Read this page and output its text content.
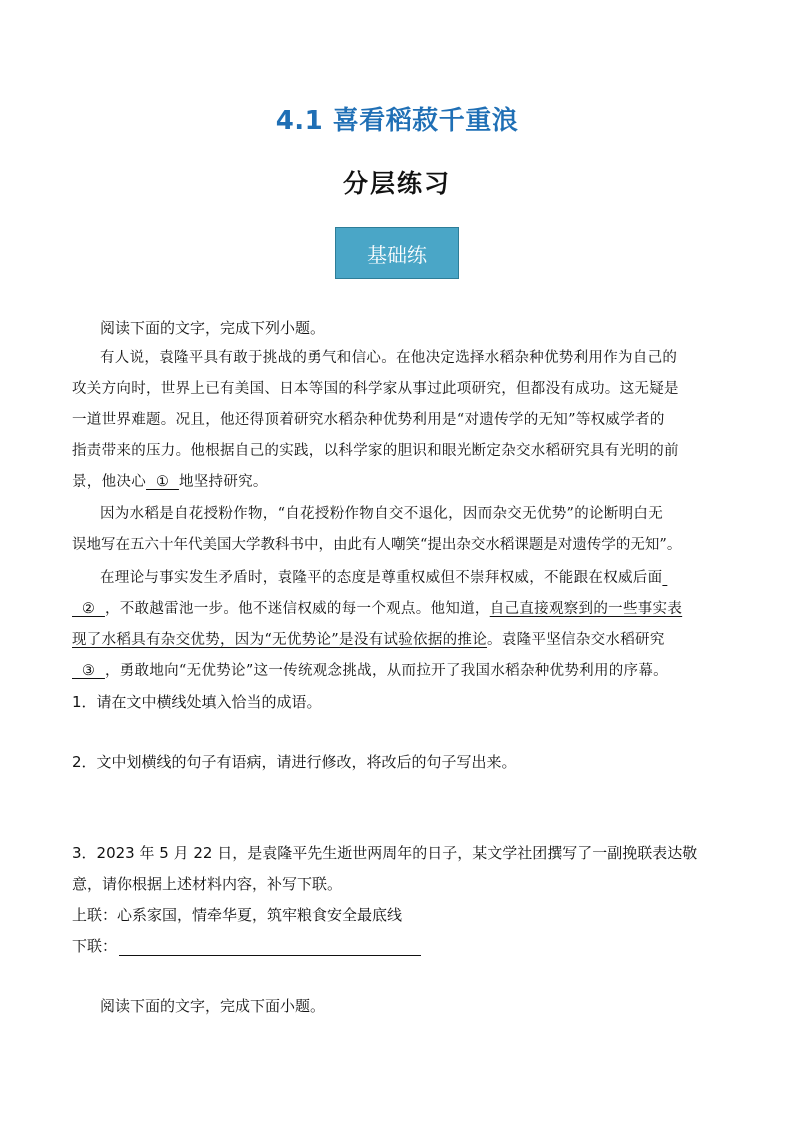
4.1 喜看稻菽千重浪
分层练习
基础练
阅读下面的文字，完成下列小题。
有人说，袁隆平具有敢于挑战的勇气和信心。在他决定选择水稻杂种优势利用作为自己的
攻关方向时，世界上已有美国、日本等国的科学家从事过此项研究，但都没有成功。这无疑是
一道世界难题。况且，他还得顶着研究水稻杂种优势利用是“对遗传学的无知”等权威学者的
指责带来的压力。他根据自己的实践，以科学家的胆识和眼光断定杂交水稻研究具有光明的前
景，他决心  ①  地坚持研究。
因为水稻是自花授粉作物，“自花授粉作物自交不退化，因而杂交无优势”的论断明白无
误地写在五六十年代美国大学教科书中，由此有人嘲笑“提出杂交水稻课题是对遗传学的无知”。
在理论与事实发生矛盾时，袁隆平的态度是尊重权威但不崇拜权威，不能跟在权威后面
②  ，不敢越雷池一步。他不迷信权威的每一个观点。他知道，自己直接观察到的一些事实表
现了水稻具有杂交优势，因为“无优势论”是没有试验依据的推论。袁隆平坚信杂交水稻研究
③  ，勇敢地向“无优势论”这一传统观念挑战，从而拉开了我国水稻杂种优势利用的序幕。
1．请在文中横线处填入恰当的成语。
2．文中划横线的句子有语病，请进行修改，将改后的句子写出来。
3．2023 年 5 月 22 日，是袁隆平先生逝世两周年的日子，某文学社团撰写了一副挽联表达敬
意，请你根据上述材料内容，补写下联。
上联：心系家国，情牵华夏，筑牢粮食安全最底线
下联：
阅读下面的文字，完成下面小题。
